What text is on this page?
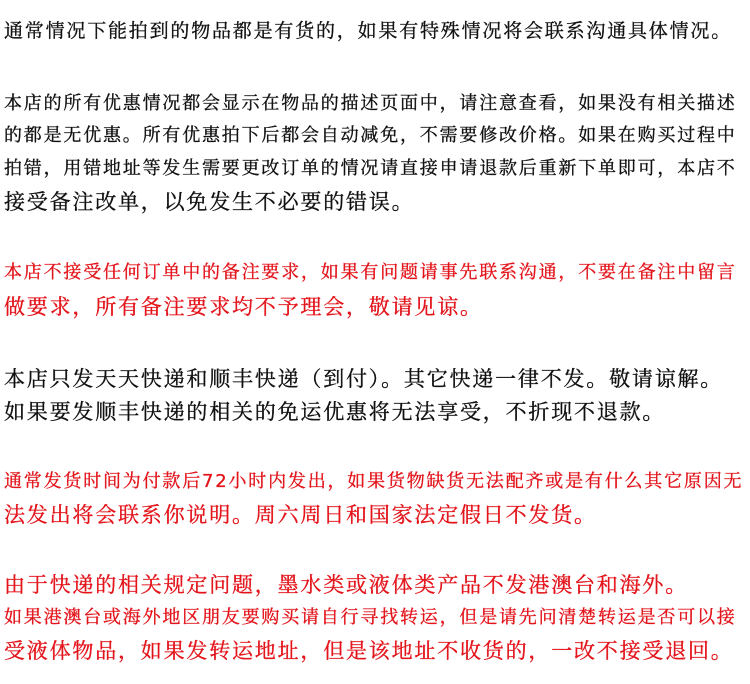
通常情况下能拍到的物品都是有货的，如果有特殊情况将会联系沟通具体情况。
本店的所有优惠情况都会显示在物品的描述页面中，请注意查看，如果没有相关描述
的都是无优惠。所有优惠拍下后都会自动减免，不需要修改价格。如果在购买过程中
拍错，用错地址等发生需要更改订单的情况请直接申请退款后重新下单即可，本店不
接受备注改单，以免发生不必要的错误。
本店不接受任何订单中的备注要求，如果有问题请事先联系沟通，不要在备注中留言
做要求，所有备注要求均不予理会，敬请见谅。
本店只发天天快递和顺丰快递（到付）。其它快递一律不发。敬请谅解。
如果要发顺丰快递的相关的免运优惠将无法享受，不折现不退款。
通常发货时间为付款后72小时内发出，如果货物缺货无法配齐或是有什么其它原因无
法发出将会联系你说明。周六周日和国家法定假日不发货。
由于快递的相关规定问题，墨水类或液体类产品不发港澳台和海外。
如果港澳台或海外地区朋友要购买请自行寻找转运，但是请先问清楚转运是否可以接
受液体物品，如果发转运地址，但是该地址不收货的，一改不接受退回。
